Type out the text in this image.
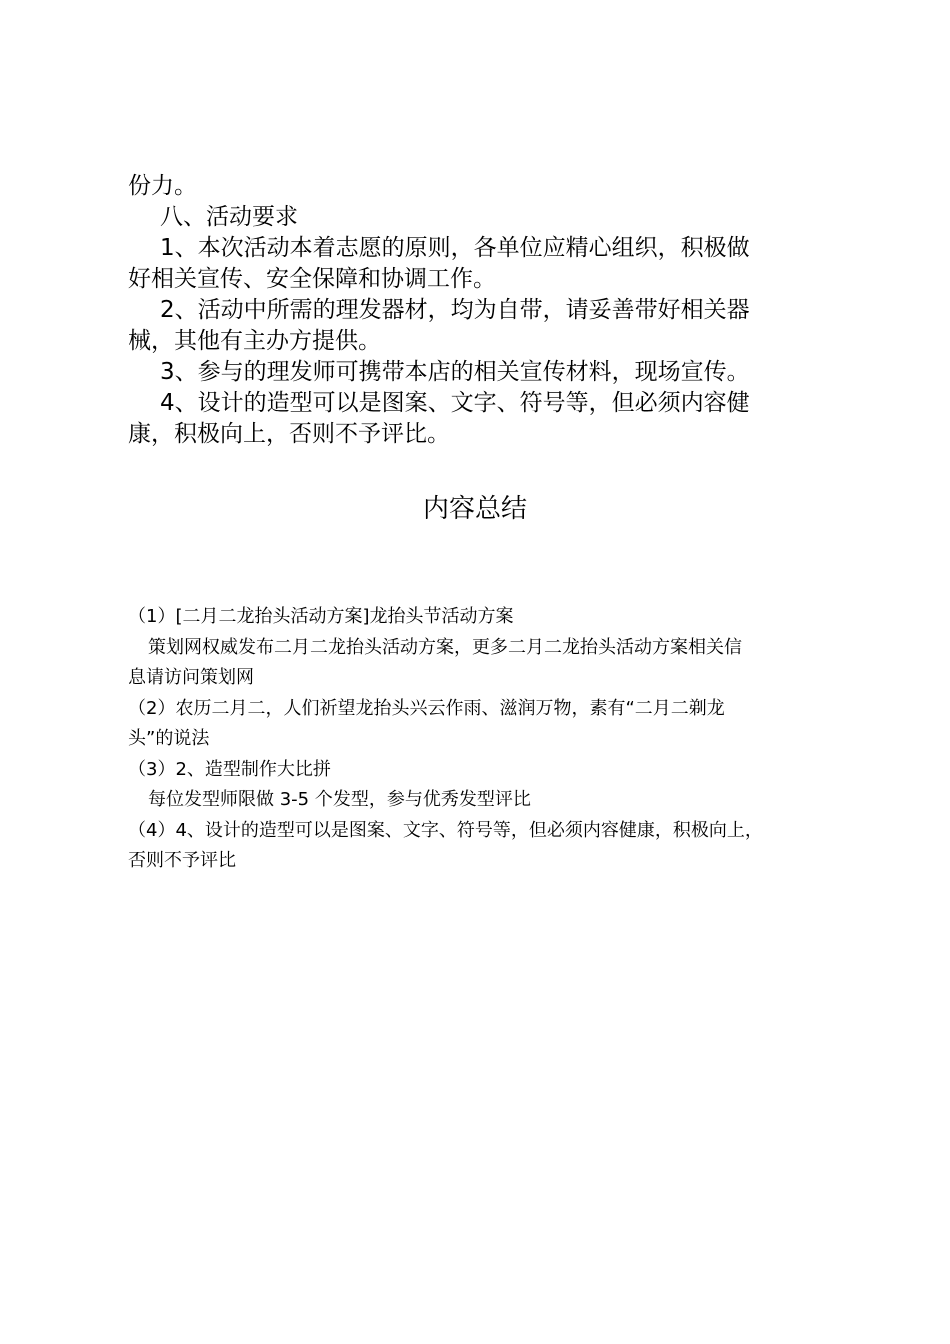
份力。

八、活动要求

1、本次活动本着志愿的原则，各单位应精心组织，积极做

好相关宣传、安全保障和协调工作。

2、活动中所需的理发器材，均为自带，请妥善带好相关器

械，其他有主办方提供。

3、参与的理发师可携带本店的相关宣传材料，现场宣传。

4、设计的造型可以是图案、文字、符号等，但必须内容健

康，积极向上，否则不予评比。

内容总结

（1）[二月二龙抬头活动方案]龙抬头节活动方案

策划网权威发布二月二龙抬头活动方案，更多二月二龙抬头活动方案相关信

息请访问策划网

（2）农历二月二，人们祈望龙抬头兴云作雨、滋润万物，素有“二月二剃龙

头”的说法

（3）2、造型制作大比拼

每位发型师限做 3-5 个发型，参与优秀发型评比

（4）4、设计的造型可以是图案、文字、符号等，但必须内容健康，积极向上，

否则不予评比
